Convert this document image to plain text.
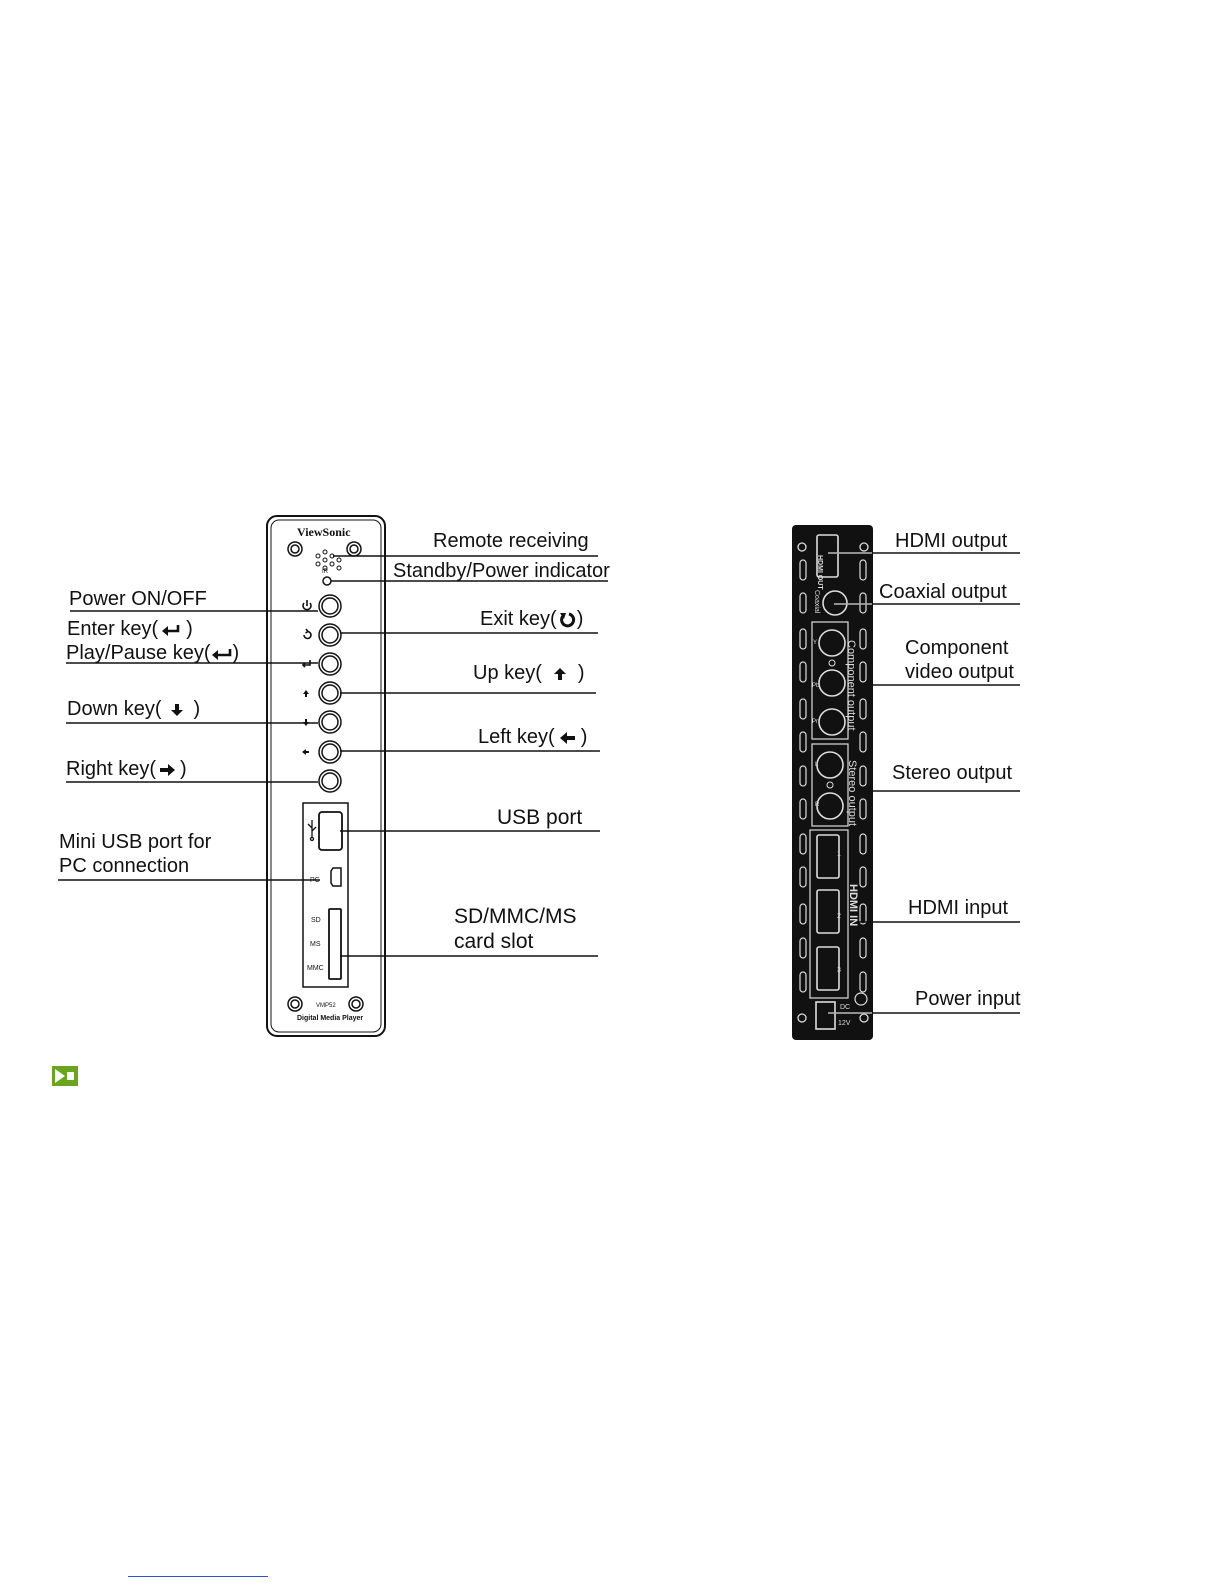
ViewSonic
IR
PC
SD
MS
MMC
VMP52
Digital Media Player
Remote receiving
Standby/Power indicator
Power ON/OFF
Enter key( )
Play/Pause key( )
Down key( )
Right key( )
Mini USB port for
PC connection
Exit key( )
Up key( )
Left key( )
USB port
SD/MMC/MS
card slot
HDMI OUT
Coaxial
Component output
Y
Pb
Pr
Stereo output
L
R
HDMI IN
1
2
3
DC
12V
HDMI output
Coaxial output
Component
video output
Stereo output
HDMI input
Power input
